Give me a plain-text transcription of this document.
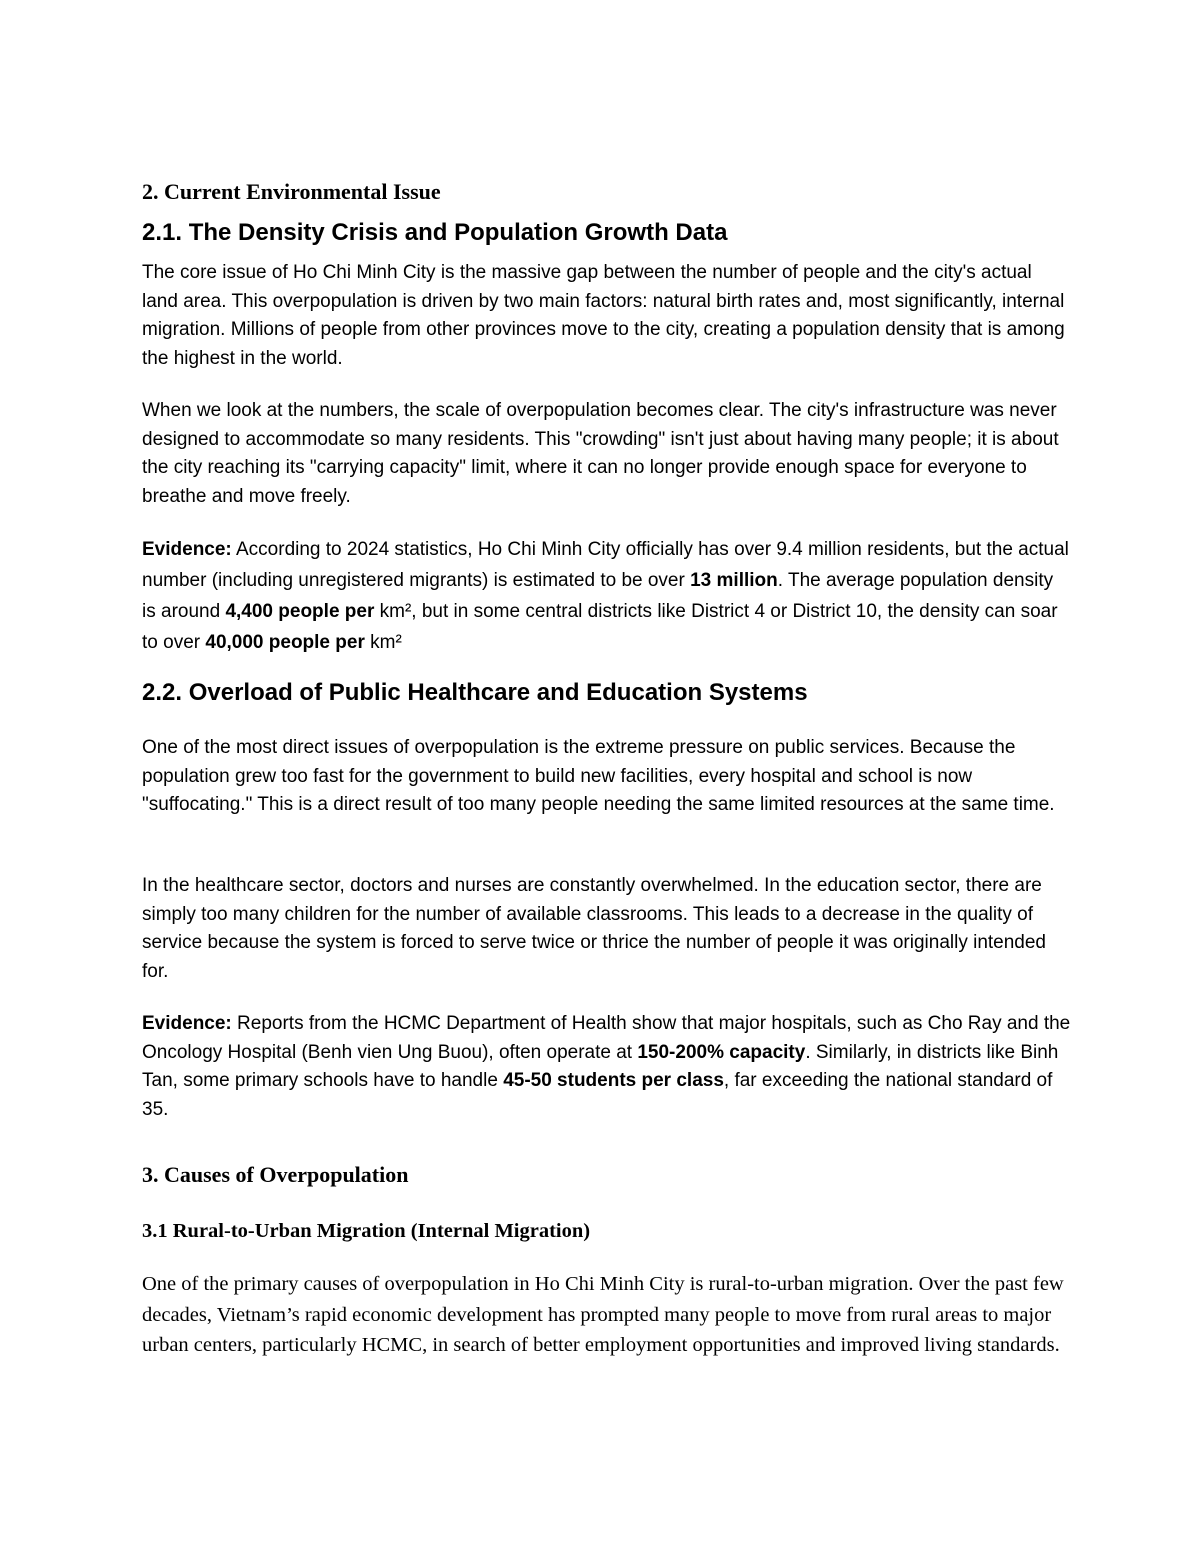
2. Current Environmental Issue
2.1. The Density Crisis and Population Growth Data

The core issue of Ho Chi Minh City is the massive gap between the number of people and the city's actual land area. This overpopulation is driven by two main factors: natural birth rates and, most significantly, internal migration. Millions of people from other provinces move to the city, creating a population density that is among the highest in the world.

When we look at the numbers, the scale of overpopulation becomes clear. The city's infrastructure was never designed to accommodate so many residents. This "crowding" isn't just about having many people; it is about the city reaching its "carrying capacity" limit, where it can no longer provide enough space for everyone to breathe and move freely.

Evidence: According to 2024 statistics, Ho Chi Minh City officially has over 9.4 million residents, but the actual number (including unregistered migrants) is estimated to be over 13 million. The average population density is around 4,400 people per km², but in some central districts like District 4 or District 10, the density can soar to over 40,000 people per km²

2.2. Overload of Public Healthcare and Education Systems

One of the most direct issues of overpopulation is the extreme pressure on public services. Because the population grew too fast for the government to build new facilities, every hospital and school is now "suffocating." This is a direct result of too many people needing the same limited resources at the same time.

In the healthcare sector, doctors and nurses are constantly overwhelmed. In the education sector, there are simply too many children for the number of available classrooms. This leads to a decrease in the quality of service because the system is forced to serve twice or thrice the number of people it was originally intended for.

Evidence: Reports from the HCMC Department of Health show that major hospitals, such as Cho Ray and the Oncology Hospital (Benh vien Ung Buou), often operate at 150-200% capacity. Similarly, in districts like Binh Tan, some primary schools have to handle 45-50 students per class, far exceeding the national standard of 35.

3. Causes of Overpopulation
3.1 Rural-to-Urban Migration (Internal Migration)

One of the primary causes of overpopulation in Ho Chi Minh City is rural-to-urban migration. Over the past few decades, Vietnam’s rapid economic development has prompted many people to move from rural areas to major urban centers, particularly HCMC, in search of better employment opportunities and improved living standards.
